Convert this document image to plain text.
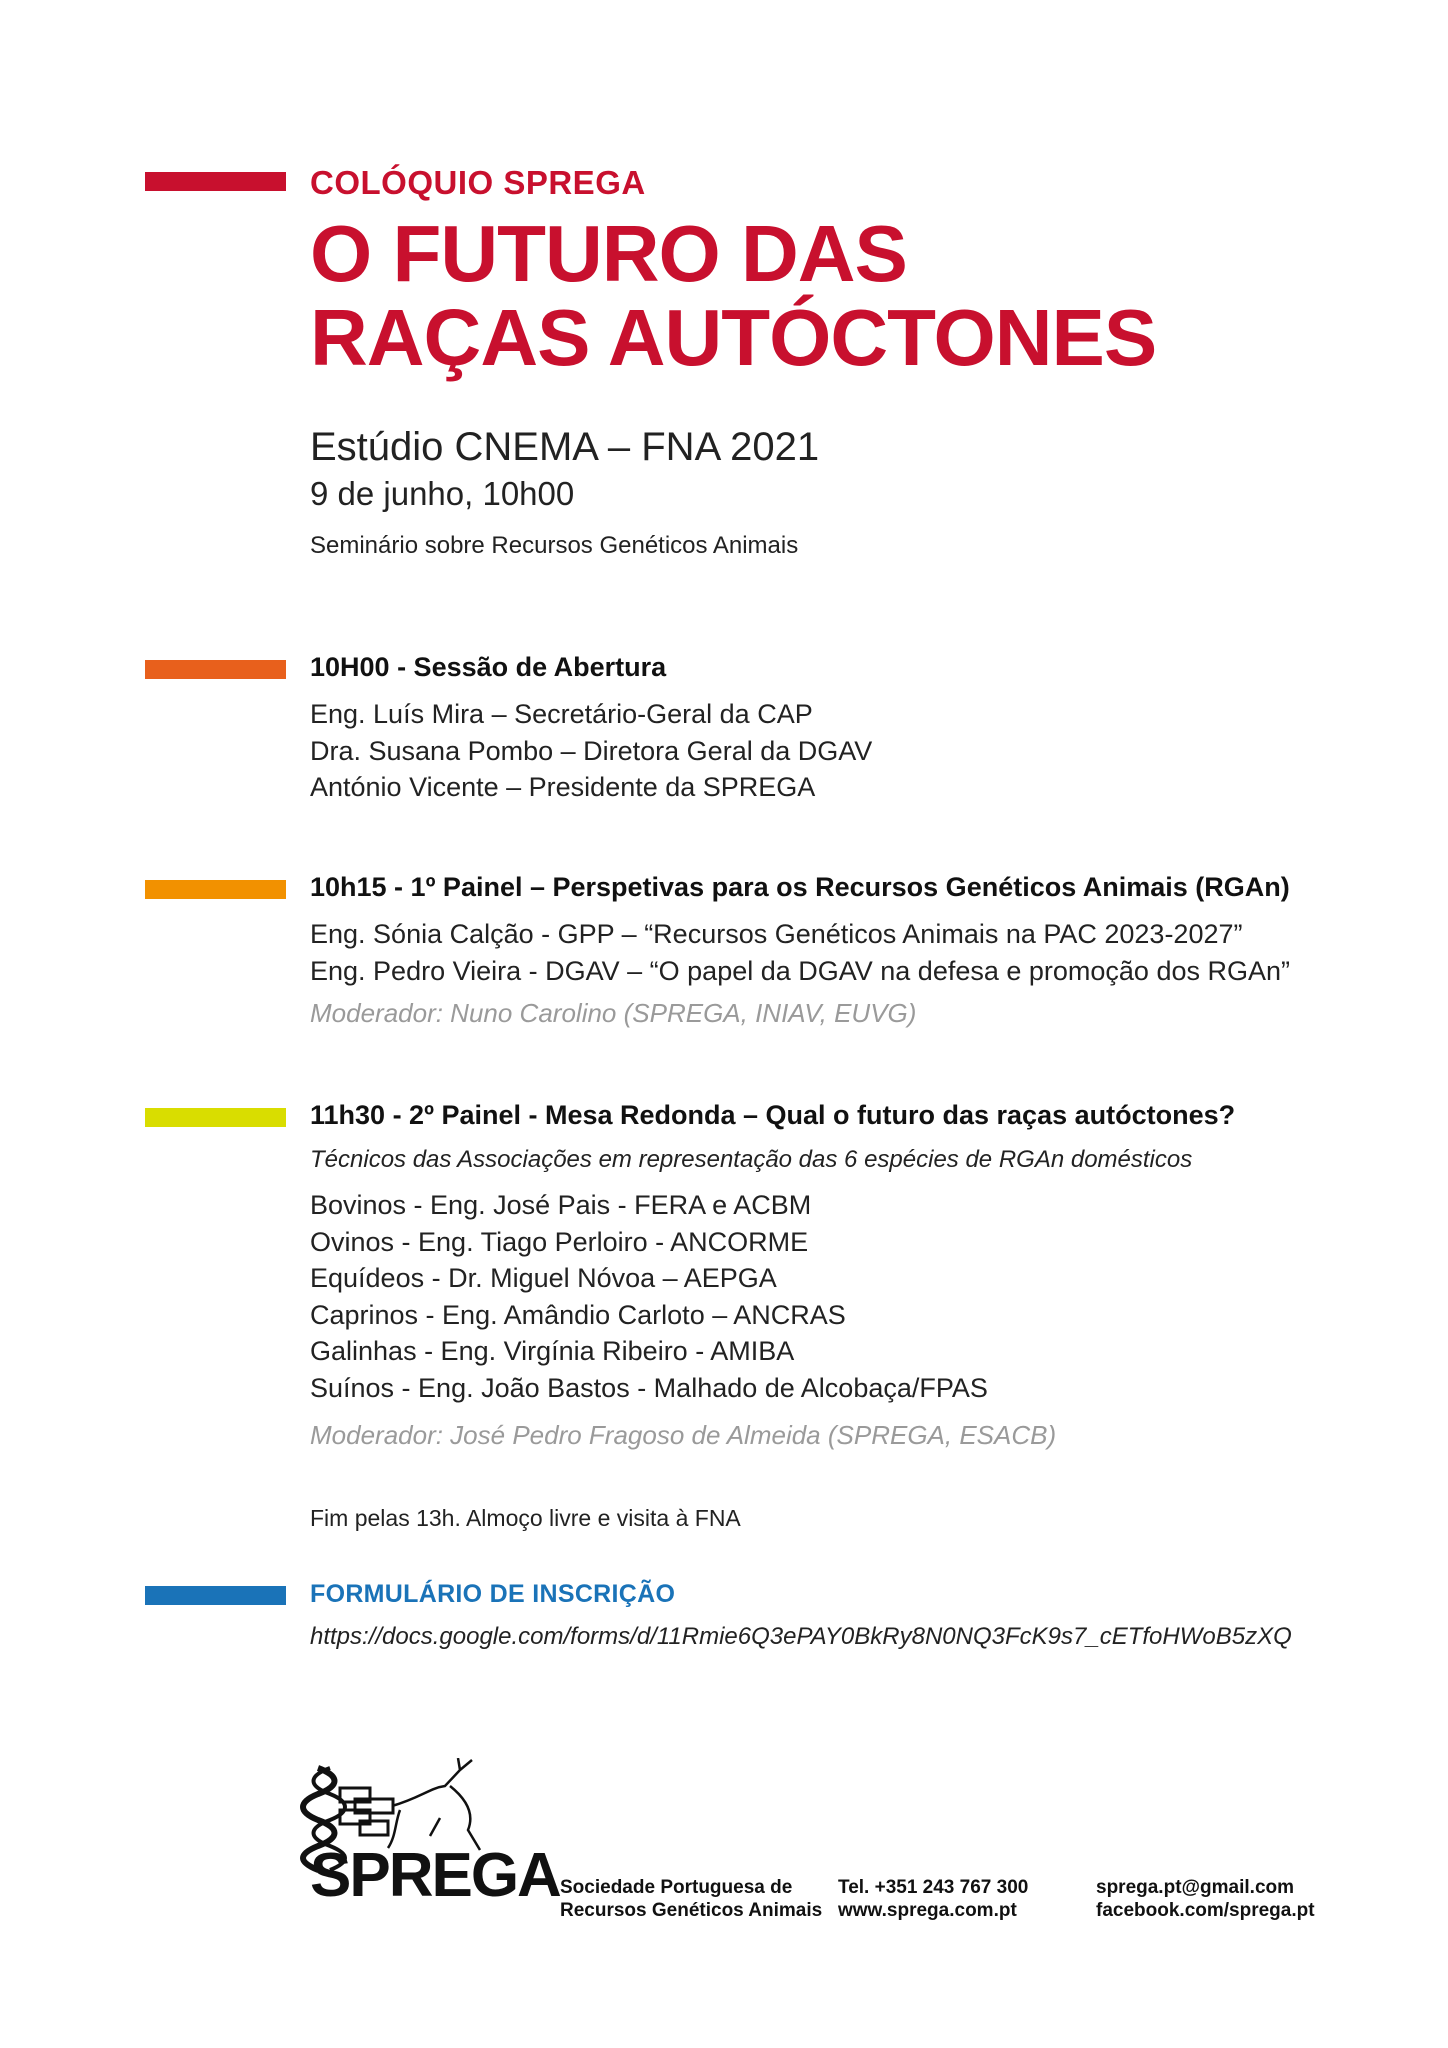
COLÓQUIO SPREGA
O FUTURO DAS
RAÇAS AUTÓCTONES
Estúdio CNEMA – FNA 2021
9 de junho, 10h00
Seminário sobre Recursos Genéticos Animais
10H00 - Sessão de Abertura
Eng. Luís Mira – Secretário-Geral da CAP
Dra. Susana Pombo – Diretora Geral da DGAV
António Vicente – Presidente da SPREGA
10h15 - 1º Painel – Perspetivas para os Recursos Genéticos Animais (RGAn)
Eng. Sónia Calção - GPP – “Recursos Genéticos Animais na PAC 2023-2027”
Eng. Pedro Vieira - DGAV – “O papel da DGAV na defesa e promoção dos RGAn”
Moderador: Nuno Carolino (SPREGA, INIAV, EUVG)
11h30 - 2º Painel - Mesa Redonda – Qual o futuro das raças autóctones?
Técnicos das Associações em representação das 6 espécies de RGAn domésticos
Bovinos - Eng. José Pais - FERA e ACBM
Ovinos - Eng. Tiago Perloiro - ANCORME
Equídeos - Dr. Miguel Nóvoa – AEPGA
Caprinos - Eng. Amândio Carloto – ANCRAS
Galinhas - Eng. Virgínia Ribeiro - AMIBA
Suínos - Eng. João Bastos - Malhado de Alcobaça/FPAS
Moderador: José Pedro Fragoso de Almeida (SPREGA, ESACB)
Fim pelas 13h. Almoço livre e visita à FNA
FORMULÁRIO DE INSCRIÇÃO
https://docs.google.com/forms/d/11Rmie6Q3ePAY0BkRy8N0NQ3FcK9s7_cETfoHWoB5zXQ
SPREGA Sociedade Portuguesa de
Recursos Genéticos Animais
Tel. +351 243 767 300
www.sprega.com.pt
sprega.pt@gmail.com
facebook.com/sprega.pt
